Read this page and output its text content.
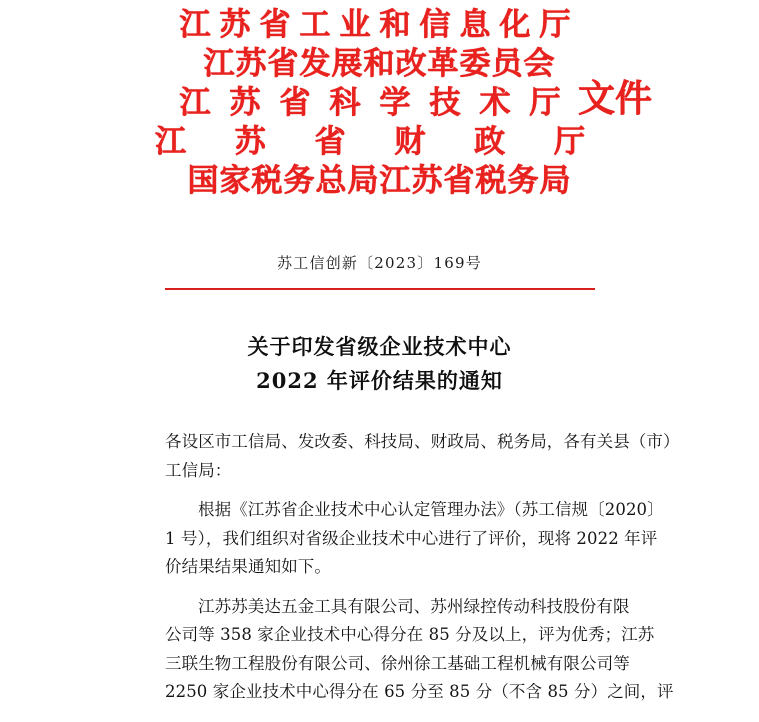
江苏省工业和信息化厅
江苏省发展和改革委员会
江苏省科学技术厅
江 苏 省 财 政 厅
国家税务总局江苏省税务局
文件
苏工信创新〔2023〕169号
关于印发省级企业技术中心
2022 年评价结果的通知

各设区市工信局、发改委、科技局、财政局、税务局，各有关县（市）
工信局：

根据《江苏省企业技术中心认定管理办法》（苏工信规〔2020〕
1 号），我们组织对省级企业技术中心进行了评价，现将 2022 年评
价结果结果通知如下。

江苏苏美达五金工具有限公司、苏州绿控传动科技股份有限
公司等 358 家企业技术中心得分在 85 分及以上，评为优秀；江苏
三联生物工程股份有限公司、徐州徐工基础工程机械有限公司等
2250 家企业技术中心得分在 65 分至 85 分（不含 85 分）之间，评
